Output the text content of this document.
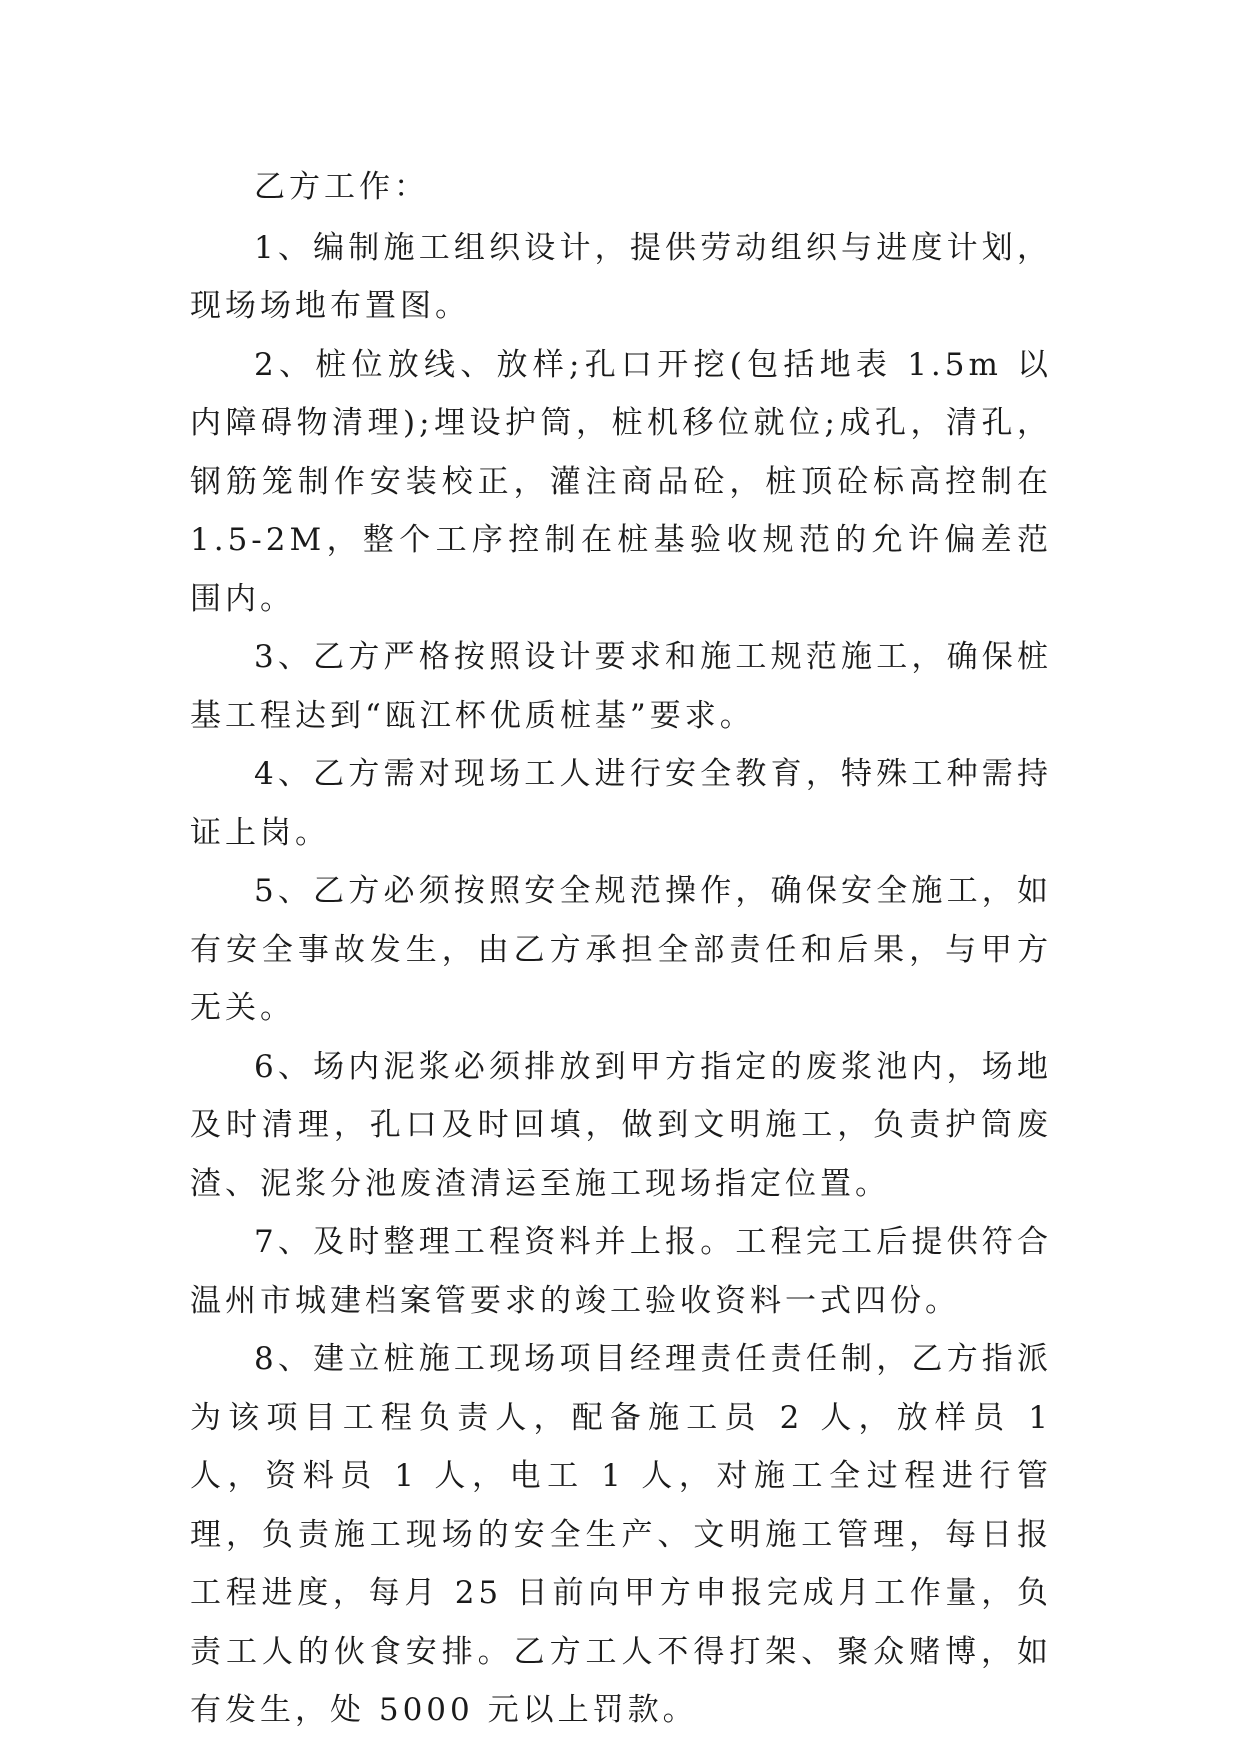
乙方工作：

1、编制施工组织设计，提供劳动组织与进度计划，现场场地布置图。

2、桩位放线、放样;孔口开挖(包括地表 1.5m 以内障碍物清理);埋设护筒，桩机移位就位;成孔，清孔，钢筋笼制作安装校正，灌注商品砼，桩顶砼标高控制在 1.5-2M，整个工序控制在桩基验收规范的允许偏差范围内。

3、乙方严格按照设计要求和施工规范施工，确保桩基工程达到“瓯江杯优质桩基”要求。

4、乙方需对现场工人进行安全教育，特殊工种需持证上岗。

5、乙方必须按照安全规范操作，确保安全施工，如有安全事故发生，由乙方承担全部责任和后果，与甲方无关。

6、场内泥浆必须排放到甲方指定的废浆池内，场地及时清理，孔口及时回填，做到文明施工，负责护筒废渣、泥浆分池废渣清运至施工现场指定位置。

7、及时整理工程资料并上报。工程完工后提供符合温州市城建档案管要求的竣工验收资料一式四份。

8、建立桩施工现场项目经理责任责任制，乙方指派 为该项目工程负责人，配备施工员 2 人，放样员 1 人，资料员 1 人，电工 1 人，对施工全过程进行管理，负责施工现场的安全生产、文明施工管理，每日报工程进度，每月 25 日前向甲方申报完成月工作量，负责工人的伙食安排。乙方工人不得打架、聚众赌博，如有发生，处 5000 元以上罚款。
